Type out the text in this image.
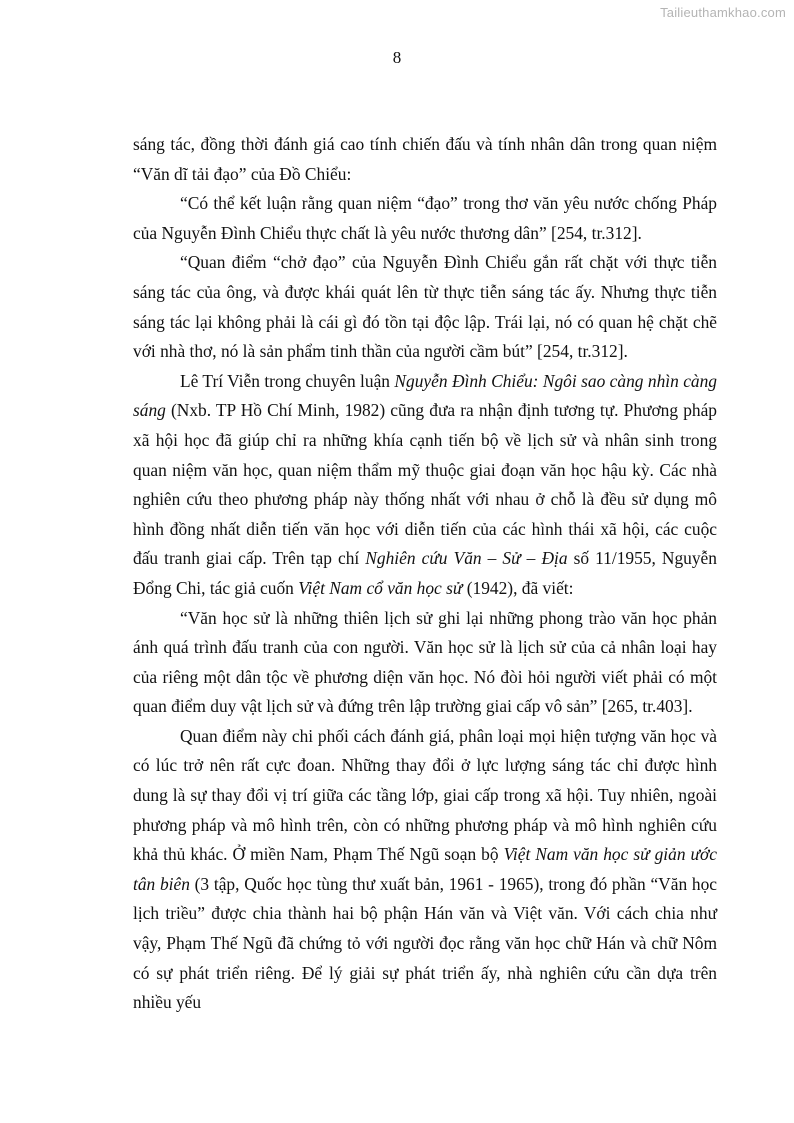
Tailieuthamkhao.com
8

sáng tác, đồng thời đánh giá cao tính chiến đấu và tính nhân dân trong quan niệm “Văn dĩ tải đạo” của Đồ Chiểu:

“Có thể kết luận rằng quan niệm “đạo” trong thơ văn yêu nước chống Pháp của Nguyễn Đình Chiểu thực chất là yêu nước thương dân” [254, tr.312].

“Quan điểm “chở đạo” của Nguyễn Đình Chiểu gắn rất chặt với thực tiễn sáng tác của ông, và được khái quát lên từ thực tiễn sáng tác ấy. Nhưng thực tiễn sáng tác lại không phải là cái gì đó tồn tại độc lập. Trái lại, nó có quan hệ chặt chẽ với nhà thơ, nó là sản phẩm tinh thần của người cầm bút” [254, tr.312].

Lê Trí Viễn trong chuyên luận Nguyễn Đình Chiểu: Ngôi sao càng nhìn càng sáng (Nxb. TP Hồ Chí Minh, 1982) cũng đưa ra nhận định tương tự. Phương pháp xã hội học đã giúp chỉ ra những khía cạnh tiến bộ về lịch sử và nhân sinh trong quan niệm văn học, quan niệm thẩm mỹ thuộc giai đoạn văn học hậu kỳ. Các nhà nghiên cứu theo phương pháp này thống nhất với nhau ở chỗ là đều sử dụng mô hình đồng nhất diễn tiến văn học với diễn tiến của các hình thái xã hội, các cuộc đấu tranh giai cấp. Trên tạp chí Nghiên cứu Văn – Sử – Địa số 11/1955, Nguyễn Đổng Chi, tác giả cuốn Việt Nam cổ văn học sử (1942), đã viết:

“Văn học sử là những thiên lịch sử ghi lại những phong trào văn học phản ánh quá trình đấu tranh của con người. Văn học sử là lịch sử của cả nhân loại hay của riêng một dân tộc về phương diện văn học. Nó đòi hỏi người viết phải có một quan điểm duy vật lịch sử và đứng trên lập trường giai cấp vô sản” [265, tr.403].

Quan điểm này chi phối cách đánh giá, phân loại mọi hiện tượng văn học và có lúc trở nên rất cực đoan. Những thay đổi ở lực lượng sáng tác chỉ được hình dung là sự thay đổi vị trí giữa các tầng lớp, giai cấp trong xã hội. Tuy nhiên, ngoài phương pháp và mô hình trên, còn có những phương pháp và mô hình nghiên cứu khả thủ khác. Ở miền Nam, Phạm Thế Ngũ soạn bộ Việt Nam văn học sử giản ước tân biên (3 tập, Quốc học tùng thư xuất bản, 1961 - 1965), trong đó phần “Văn học lịch triều” được chia thành hai bộ phận Hán văn và Việt văn. Với cách chia như vậy, Phạm Thế Ngũ đã chứng tỏ với người đọc rằng văn học chữ Hán và chữ Nôm có sự phát triển riêng. Để lý giải sự phát triển ấy, nhà nghiên cứu cần dựa trên nhiều yếu
